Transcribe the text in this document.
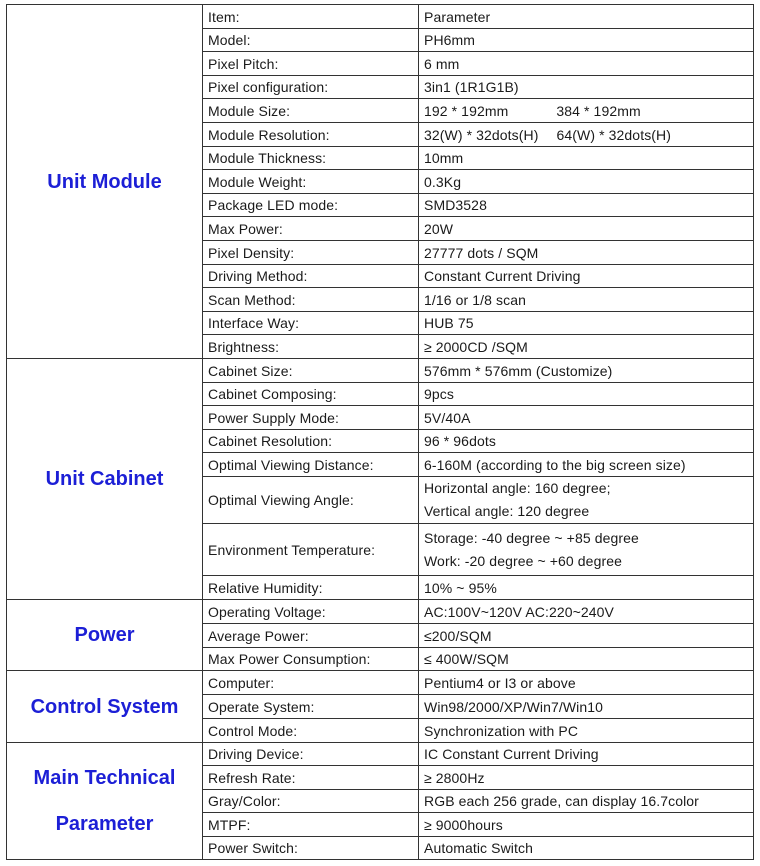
Unit Module	Item:	Parameter
	Model:	PH6mm
	Pixel Pitch:	6 mm
	Pixel configuration:	3in1 (1R1G1B)
	Module Size:	192 * 192mm 384 * 192mm
	Module Resolution:	32(W) * 32dots(H) 64(W) * 32dots(H)
	Module Thickness:	10mm
	Module Weight:	0.3Kg
	Package LED mode:	SMD3528
	Max Power:	20W
	Pixel Density:	27777 dots / SQM
	Driving Method:	Constant Current Driving
	Scan Method:	1/16 or 1/8 scan
	Interface Way:	HUB 75
	Brightness:	≥ 2000CD /SQM
Unit Cabinet	Cabinet Size:	576mm * 576mm (Customize)
	Cabinet Composing:	9pcs
	Power Supply Mode:	5V/40A
	Cabinet Resolution:	96 * 96dots
	Optimal Viewing Distance:	6-160M (according to the big screen size)
	Optimal Viewing Angle:	Horizontal angle: 160 degree;
Vertical angle: 120 degree

	Environment Temperature:	Storage: -40 degree ~ +85 degree
Work: -20 degree ~ +60 degree

	Relative Humidity:	10% ~ 95%
Power	Operating Voltage:	AC:100V~120V AC:220~240V
	Average Power:	≤200/SQM
	Max Power Consumption:	≤ 400W/SQM
Control System	Computer:	Pentium4 or I3 or above
	Operate System:	Win98/2000/XP/Win7/Win10
	Control Mode:	Synchronization with PC

Main Technical
Parameter	Driving Device:	IC Constant Current Driving
	Refresh Rate:	≥ 2800Hz
	Gray/Color:	RGB each 256 grade, can display 16.7color
	MTPF:	≥ 9000hours
	Power Switch:	Automatic Switch
